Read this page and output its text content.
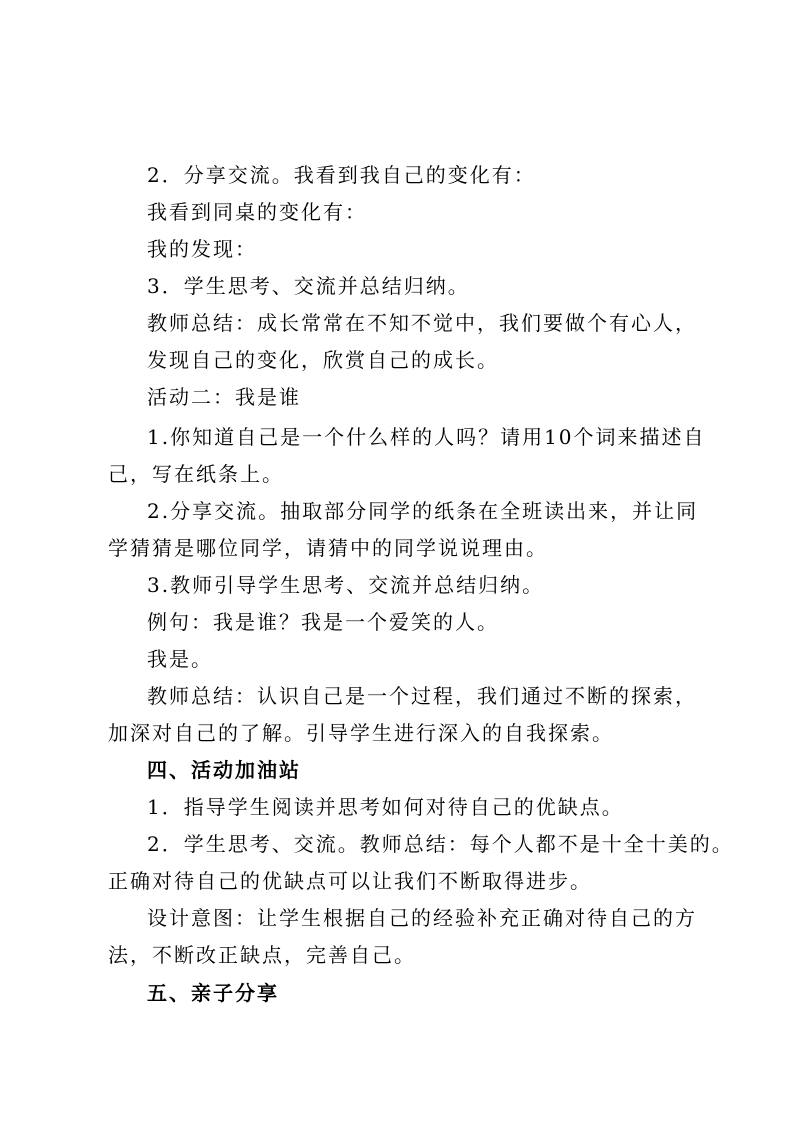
2．分享交流。我看到我自己的变化有：
我看到同桌的变化有：
我的发现：
3．学生思考、交流并总结归纳。
教师总结：成长常常在不知不觉中，我们要做个有心人，
发现自己的变化，欣赏自己的成长。
活动二：我是谁
1.你知道自己是一个什么样的人吗？请用10个词来描述自
己，写在纸条上。
2.分享交流。抽取部分同学的纸条在全班读出来，并让同
学猜猜是哪位同学，请猜中的同学说说理由。
3.教师引导学生思考、交流并总结归纳。
例句：我是谁？我是一个爱笑的人。
我是。
教师总结：认识自己是一个过程，我们通过不断的探索，
加深对自己的了解。引导学生进行深入的自我探索。
四、活动加油站
1．指导学生阅读并思考如何对待自己的优缺点。
2．学生思考、交流。教师总结：每个人都不是十全十美的。
正确对待自己的优缺点可以让我们不断取得进步。
设计意图：让学生根据自己的经验补充正确对待自己的方
法，不断改正缺点，完善自己。
五、亲子分享
